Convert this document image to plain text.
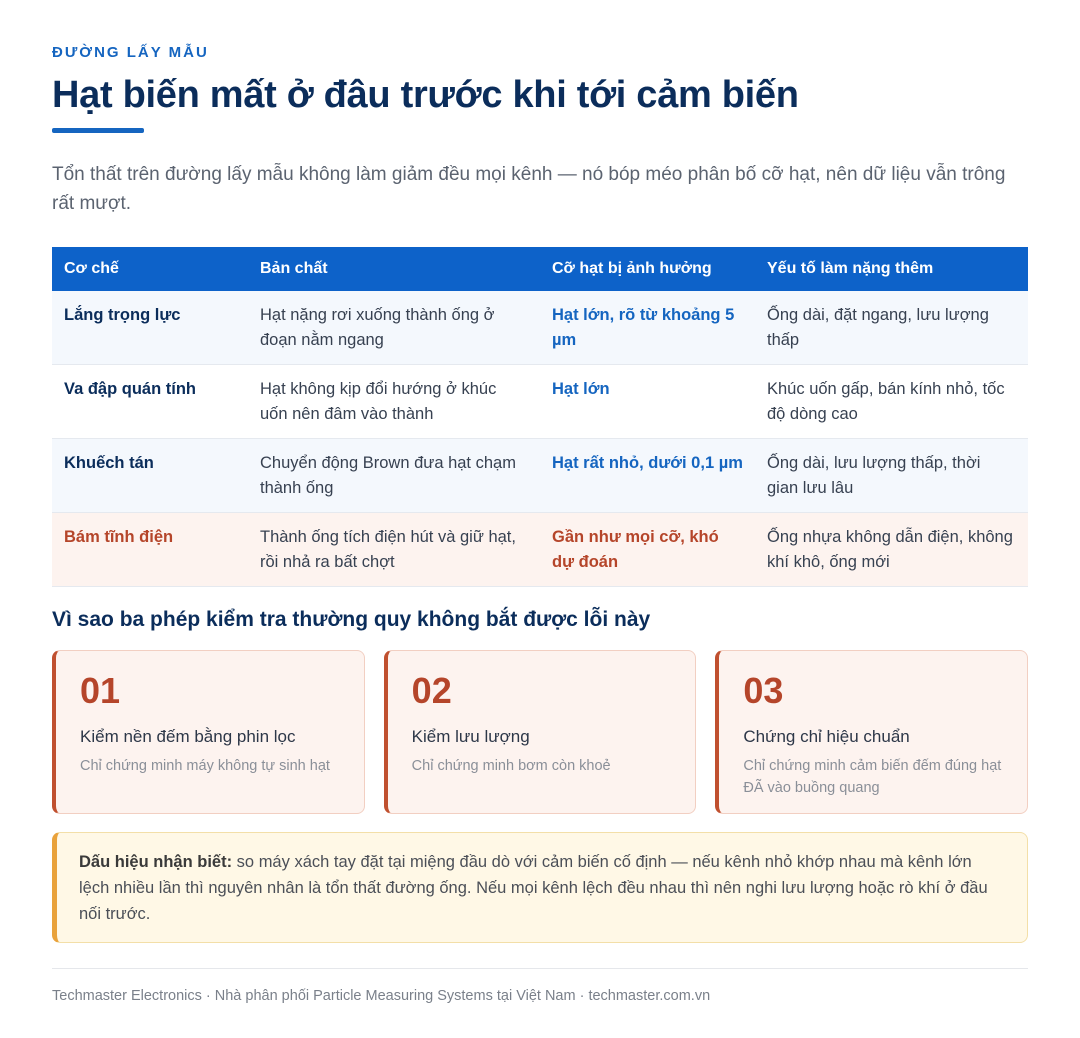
ĐƯỜNG LẤY MẪU
Hạt biến mất ở đâu trước khi tới cảm biến

Tổn thất trên đường lấy mẫu không làm giảm đều mọi kênh — nó bóp méo phân bố cỡ hạt, nên dữ liệu vẫn trông rất mượt.

Cơ chế	Bản chất	Cỡ hạt bị ảnh hưởng	Yếu tố làm nặng thêm
Lắng trọng lực	Hạt nặng rơi xuống thành ống ở đoạn nằm ngang	Hạt lớn, rõ từ khoảng 5 µm	Ống dài, đặt ngang, lưu lượng thấp
Va đập quán tính	Hạt không kịp đổi hướng ở khúc uốn nên đâm vào thành	Hạt lớn	Khúc uốn gấp, bán kính nhỏ, tốc độ dòng cao
Khuếch tán	Chuyển động Brown đưa hạt chạm thành ống	Hạt rất nhỏ, dưới 0,1 µm	Ống dài, lưu lượng thấp, thời gian lưu lâu
Bám tĩnh điện	Thành ống tích điện hút và giữ hạt, rồi nhả ra bất chợt	Gần như mọi cỡ, khó dự đoán	Ống nhựa không dẫn điện, không khí khô, ống mới
Vì sao ba phép kiểm tra thường quy không bắt được lỗi này
01
Kiểm nền đếm bằng phin lọc
Chỉ chứng minh máy không tự sinh hạt
02
Kiểm lưu lượng
Chỉ chứng minh bơm còn khoẻ
03
Chứng chỉ hiệu chuẩn
Chỉ chứng minh cảm biến đếm đúng hạt ĐÃ vào buồng quang
Dấu hiệu nhận biết: so máy xách tay đặt tại miệng đầu dò với cảm biến cố định — nếu kênh nhỏ khớp nhau mà kênh lớn lệch nhiều lần thì nguyên nhân là tổn thất đường ống. Nếu mọi kênh lệch đều nhau thì nên nghi lưu lượng hoặc rò khí ở đầu nối trước.
Techmaster Electronics · Nhà phân phối Particle Measuring Systems tại Việt Nam · techmaster.com.vn
